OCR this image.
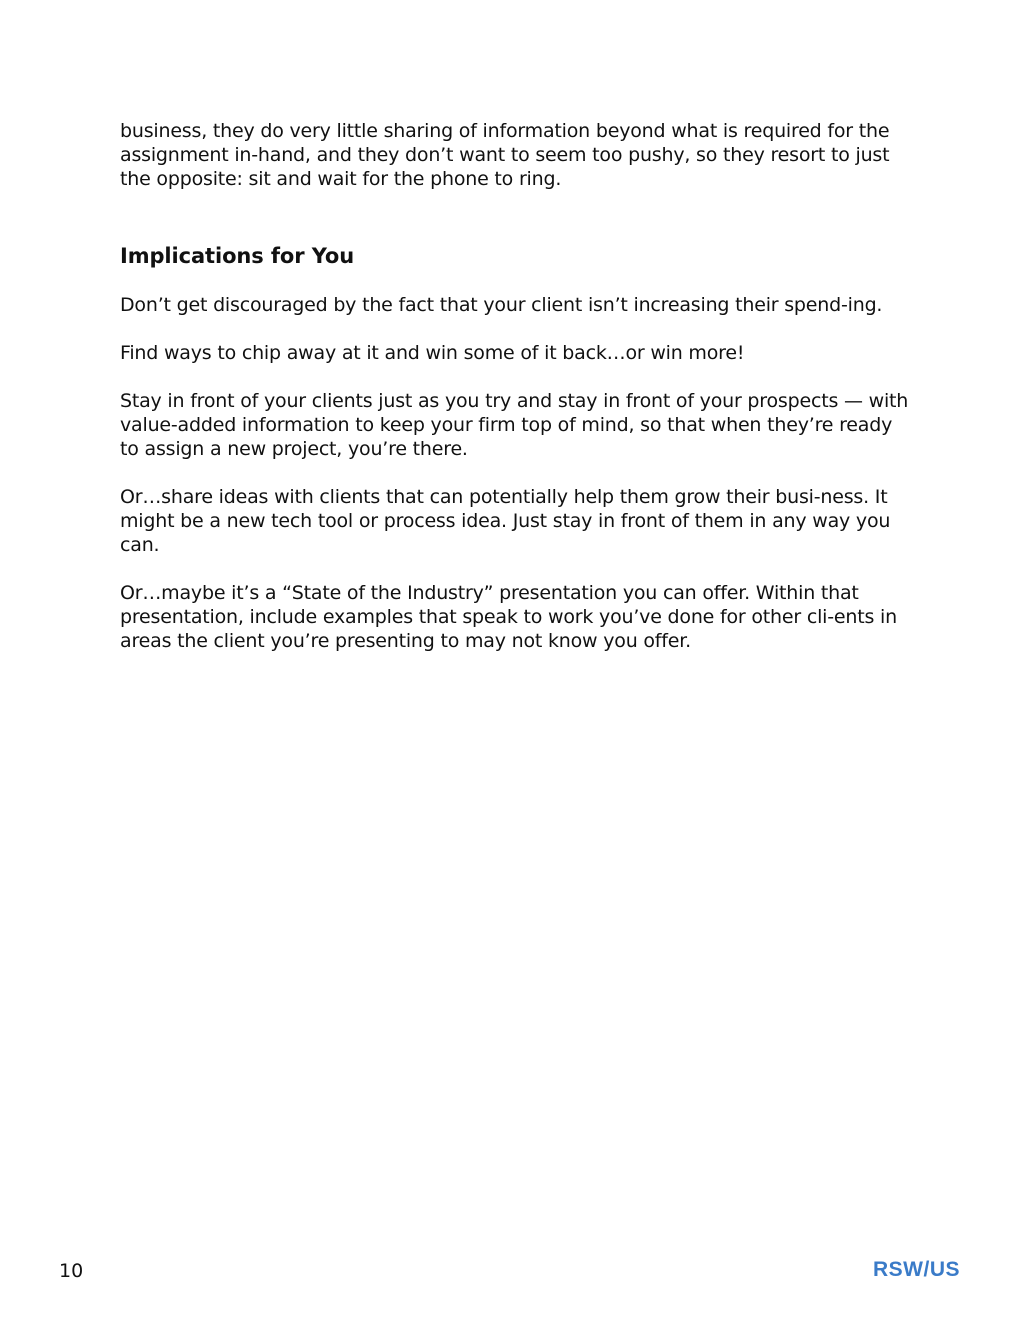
business, they do very little sharing of information beyond what is required for the assignment in-hand, and they don’t want to seem too pushy, so they resort to just the opposite: sit and wait for the phone to ring.

Implications for You

Don’t get discouraged by the fact that your client isn’t increasing their spend-ing.

Find ways to chip away at it and win some of it back…or win more!

Stay in front of your clients just as you try and stay in front of your prospects — with value-added information to keep your firm top of mind, so that when they’re ready to assign a new project, you’re there.

Or…share ideas with clients that can potentially help them grow their busi-ness. It might be a new tech tool or process idea. Just stay in front of them in any way you can.

Or…maybe it’s a “State of the Industry” presentation you can offer. Within that presentation, include examples that speak to work you’ve done for other cli-ents in areas the client you’re presenting to may not know you offer.

10	RSW/US
